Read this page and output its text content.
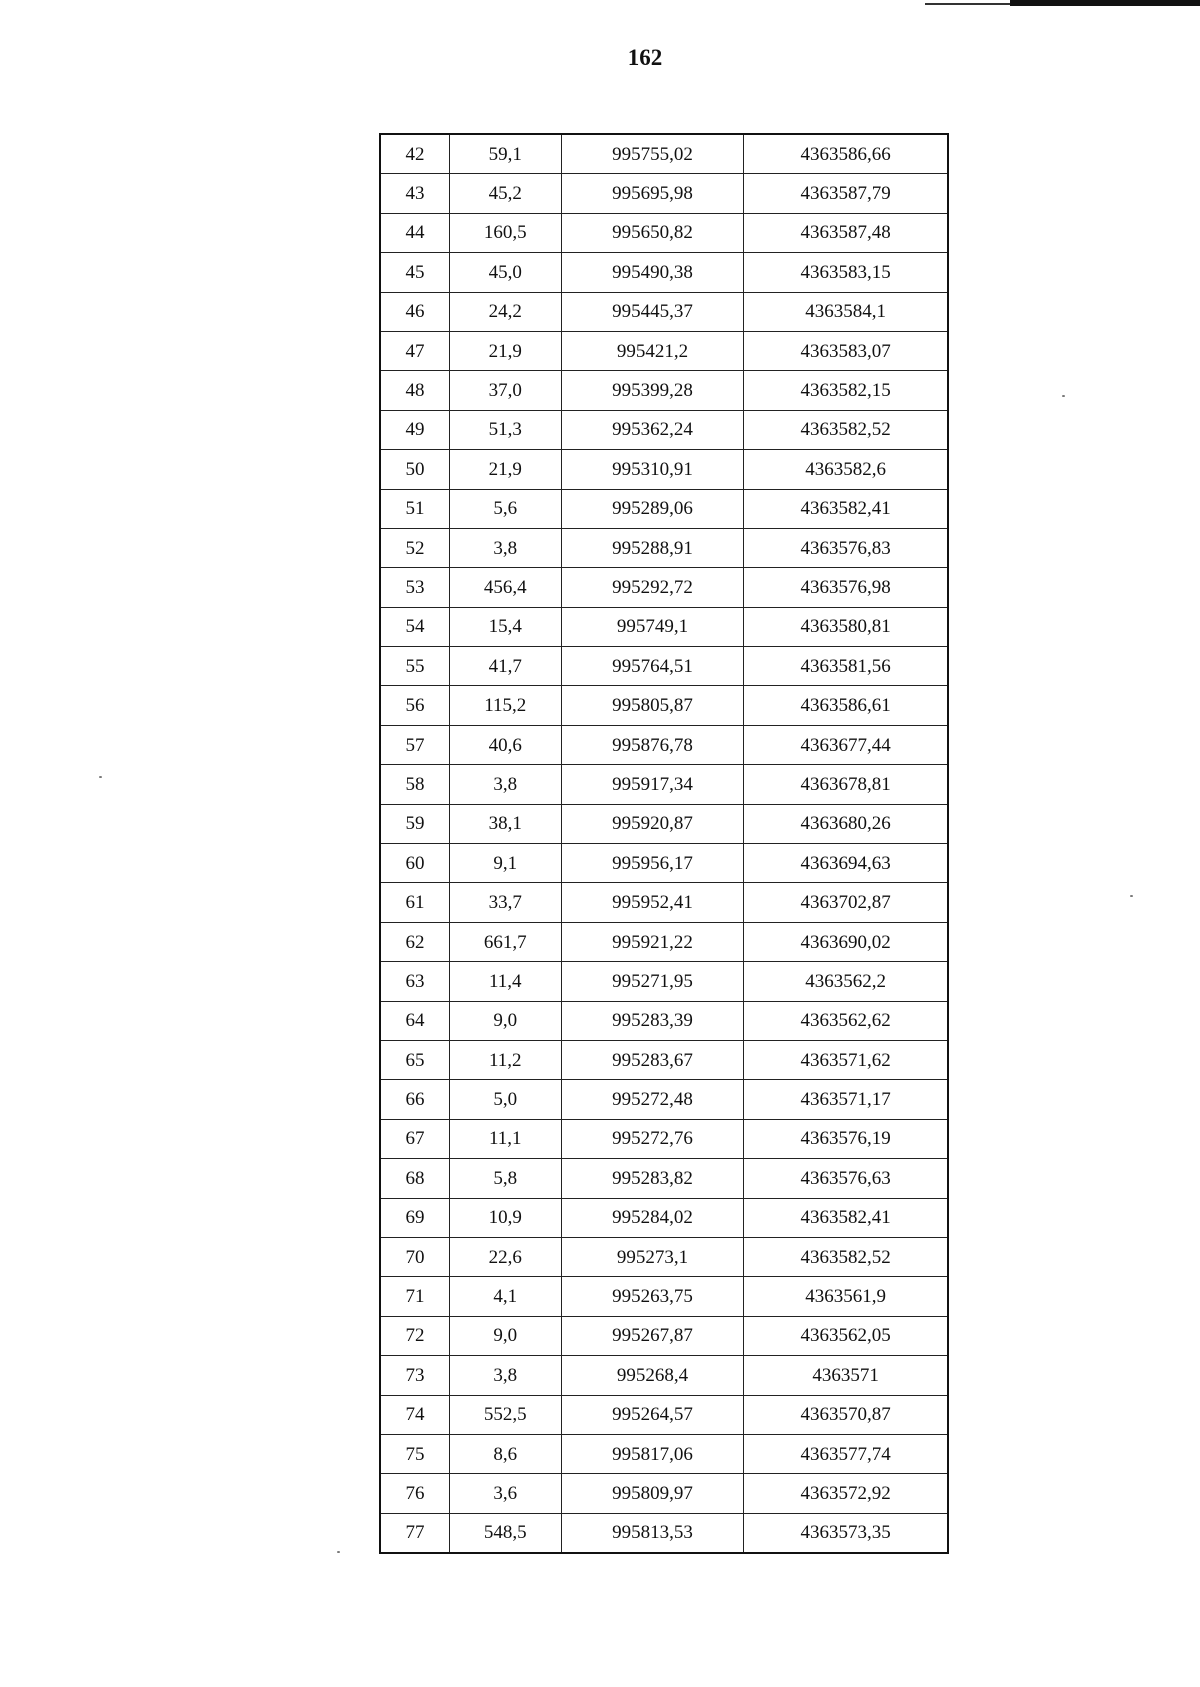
162
42	59,1	995755,02	4363586,66
43	45,2	995695,98	4363587,79
44	160,5	995650,82	4363587,48
45	45,0	995490,38	4363583,15
46	24,2	995445,37	4363584,1
47	21,9	995421,2	4363583,07
48	37,0	995399,28	4363582,15
49	51,3	995362,24	4363582,52
50	21,9	995310,91	4363582,6
51	5,6	995289,06	4363582,41
52	3,8	995288,91	4363576,83
53	456,4	995292,72	4363576,98
54	15,4	995749,1	4363580,81
55	41,7	995764,51	4363581,56
56	115,2	995805,87	4363586,61
57	40,6	995876,78	4363677,44
58	3,8	995917,34	4363678,81
59	38,1	995920,87	4363680,26
60	9,1	995956,17	4363694,63
61	33,7	995952,41	4363702,87
62	661,7	995921,22	4363690,02
63	11,4	995271,95	4363562,2
64	9,0	995283,39	4363562,62
65	11,2	995283,67	4363571,62
66	5,0	995272,48	4363571,17
67	11,1	995272,76	4363576,19
68	5,8	995283,82	4363576,63
69	10,9	995284,02	4363582,41
70	22,6	995273,1	4363582,52
71	4,1	995263,75	4363561,9
72	9,0	995267,87	4363562,05
73	3,8	995268,4	4363571
74	552,5	995264,57	4363570,87
75	8,6	995817,06	4363577,74
76	3,6	995809,97	4363572,92
77	548,5	995813,53	4363573,35
